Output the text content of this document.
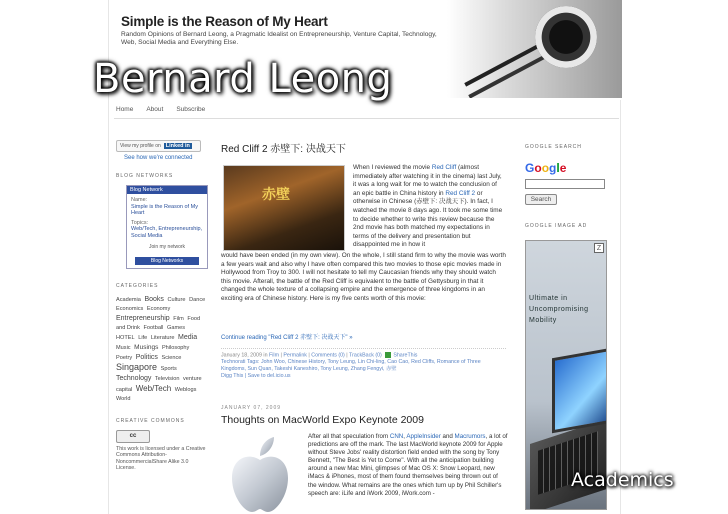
Simple is the Reason of My Heart
Random Opinions of Bernard Leong, a Pragmatic Idealist on Entrepreneurship, Venture Capital, Technology, Web, Social Media and Everything Else.
Home About Subscribe
Bernard Leong
View my profile on Linked in
See how we're connected
BLOG NETWORKS
Blog Network
Name:
Simple is the Reason of My Heart
Topics:
Web/Tech, Entrepreneurship, Social Media
Join my network
Blog Networks
CATEGORIES
Academia Books Culture Dance Economics Economy Entrepreneurship Film Food and Drink Football Games HOTEL Life Literature Media Music Musings Philosophy Poetry Politics Science Singapore Sports Technology Television venture capital Web/Tech Weblogs World
CREATIVE COMMONS
cc
This work is licensed under a Creative Commons Attribution-NoncommercialShare Alike 3.0 License.
Red Cliff 2 赤壁下: 决战天下
赤壁
When I reviewed the movie Red Cliff (almost immediately after watching it in the cinema) last July, it was a long wait for me to watch the conclusion of an epic battle in China history in Red Cliff 2 or otherwise in Chinese (赤壁下: 决战天下). In fact, I watched the movie 8 days ago. It took me some time to decide whether to write this review because the 2nd movie has both matched my expectations in terms of the delivery and presentation but disappointed me in how it
would have been ended (in my own view). On the whole, I still stand firm to why the movie was worth a few years wait and also why I have often compared this two movies to those epic movies made in Hollywood from Troy to 300. I will not hesitate to tell my Caucasian friends why they should watch this movie. Afterall, the battle of the Red Cliff is equivalent to the battle of Gettysburg in that it changed the whole texture of a collapsing empire and the emergence of three kingdoms in an exciting era of Chinese history. Here is my five cents worth of this movie:
Continue reading "Red Cliff 2 赤壁下: 决战天下" »
January 18, 2009 in Film | Permalink | Comments (0) | TrackBack (0) ShareThis
Technorati Tags: John Woo, Chinese History, Tony Leung, Lin Chi-ling, Cao Cao, Red Cliffs, Romance of Three Kingdoms, Sun Quan, Takeshi Kaneshiro, Tony Leung, Zhang Fengyi, 赤壁
Digg This | Save to del.icio.us
JANUARY 07, 2009
Thoughts on MacWorld Expo Keynote 2009
After all that speculation from CNN, AppleInsider and Macrumors, a lot of predictions are off the mark. The last MacWorld keynote 2009 for Apple without Steve Jobs' reality distortion field ended with the song by Tony Bennett, "The Best is Yet to Come". With all the anticipation building around a new Mac Mini, glimpses of Mac OS X: Snow Leopard, new iMacs & iPhones, most of them found themselves being thrown out of the window. What remains are the ones which turn up by Phil Schiller's speech are: iLife and iWork 2009, iWork.com -
GOOGLE SEARCH
Google
Search
GOOGLE IMAGE AD
Z
Ultimate in
Uncompromising
Mobility
Academics
